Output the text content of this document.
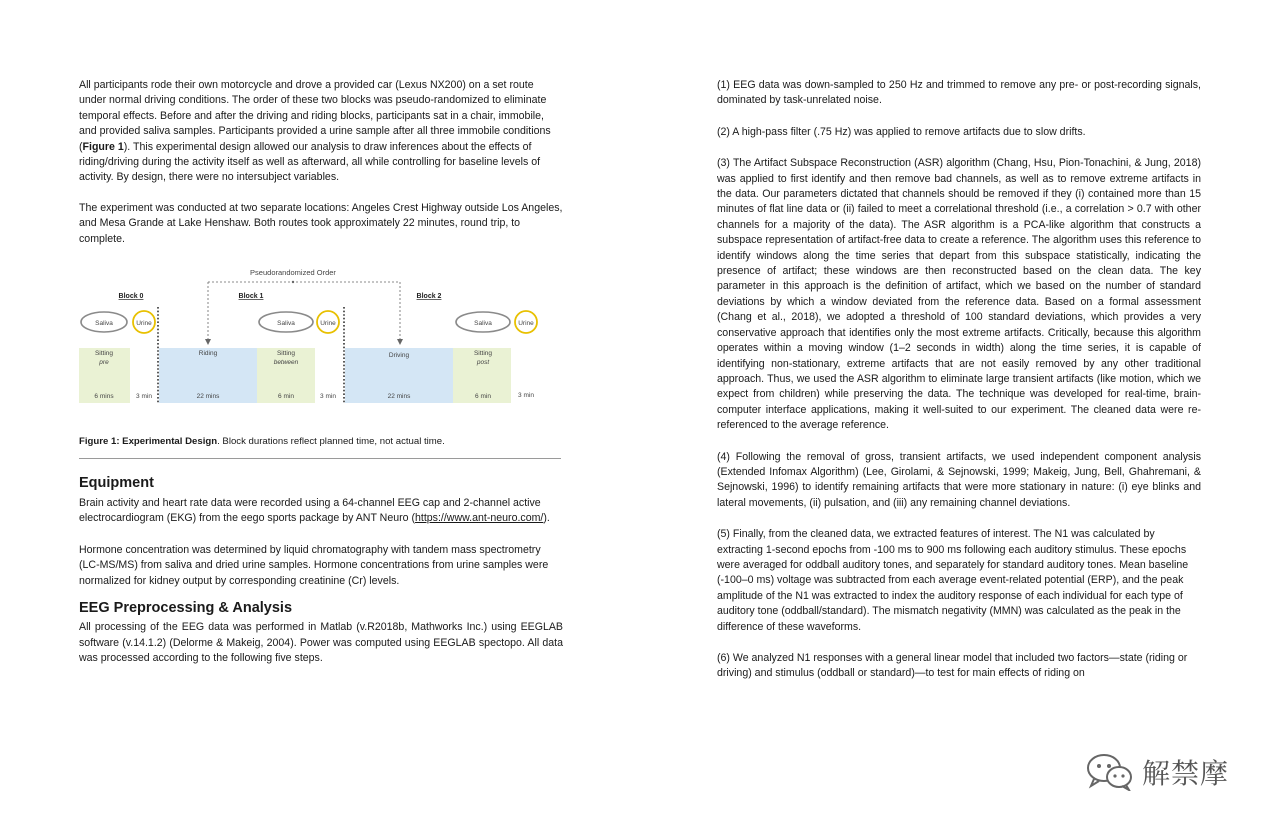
All participants rode their own motorcycle and drove a provided car (Lexus NX200) on a set route under normal driving conditions. The order of these two blocks was pseudo-randomized to eliminate temporal effects. Before and after the driving and riding blocks, participants sat in a chair, immobile, and provided saliva samples. Participants provided a urine sample after all three immobile conditions (Figure 1). This experimental design allowed our analysis to draw inferences about the effects of riding/driving during the activity itself as well as afterward, all while controlling for baseline levels of activity. By design, there were no intersubject variables.

The experiment was conducted at two separate locations: Angeles Crest Highway outside Los Angeles, and Mesa Grande at Lake Henshaw. Both routes took approximately 22 minutes, round trip, to complete.

Pseudorandomized Order
Block 0	Block 1	Block 2
Saliva	Urine	Saliva	Urine	Saliva	Urine
Sitting
pre
Riding	Sitting
between
Driving	Sitting
post
6 mins	3 min	22 mins	6 min	3 min	22 mins	6 min	3 min

Figure 1: Experimental Design. Block durations reflect planned time, not actual time.

Equipment

Brain activity and heart rate data were recorded using a 64-channel EEG cap and 2-channel active electrocardiogram (EKG) from the eego sports package by ANT Neuro (https://www.ant-neuro.com/).

Hormone concentration was determined by liquid chromatography with tandem mass spectrometry (LC-MS/MS) from saliva and dried urine samples. Hormone concentrations from urine samples were normalized for kidney output by corresponding creatinine (Cr) levels.

EEG Preprocessing & Analysis

All processing of the EEG data was performed in Matlab (v.R2018b, Mathworks Inc.) using EEGLAB software (v.14.1.2) (Delorme & Makeig, 2004). Power was computed using EEGLAB spectopo. All data was processed according to the following five steps.

(1) EEG data was down-sampled to 250 Hz and trimmed to remove any pre- or post-recording signals, dominated by task-unrelated noise.

(2) A high-pass filter (.75 Hz) was applied to remove artifacts due to slow drifts.

(3) The Artifact Subspace Reconstruction (ASR) algorithm (Chang, Hsu, Pion-Tonachini, & Jung, 2018) was applied to first identify and then remove bad channels, as well as to remove extreme artifacts in the data. Our parameters dictated that channels should be removed if they (i) contained more than 15 minutes of flat line data or (ii) failed to meet a correlational threshold (i.e., a correlation > 0.7 with other channels for a majority of the data). The ASR algorithm is a PCA-like algorithm that constructs a subspace representation of artifact-free data to create a reference. The algorithm uses this reference to identify windows along the time series that depart from this subspace statistically, indicating the presence of artifact; these windows are then reconstructed based on the clean data. The key parameter in this approach is the definition of artifact, which we based on the number of standard deviations by which a window deviated from the reference data. Based on a formal assessment (Chang et al., 2018), we adopted a threshold of 100 standard deviations, which provides a very conservative approach that identifies only the most extreme artifacts. Critically, because this algorithm operates within a moving window (1–2 seconds in width) along the time series, it is capable of identifying non-stationary, extreme artifacts that are not easily removed by any other traditional approach. Thus, we used the ASR algorithm to eliminate large transient artifacts (like motion, which we expect from children) while preserving the data. The technique was developed for real-time, brain-computer interface applications, making it well-suited to our experiment. The cleaned data were re-referenced to the average reference.

(4) Following the removal of gross, transient artifacts, we used independent component analysis (Extended Infomax Algorithm) (Lee, Girolami, & Sejnowski, 1999; Makeig, Jung, Bell, Ghahremani, & Sejnowski, 1996) to identify remaining artifacts that were more stationary in nature: (i) eye blinks and lateral movements, (ii) pulsation, and (iii) any remaining channel deviations.

(5) Finally, from the cleaned data, we extracted features of interest. The N1 was calculated by extracting 1-second epochs from -100 ms to 900 ms following each auditory stimulus. These epochs were averaged for oddball auditory tones, and separately for standard auditory tones. Mean baseline (-100–0 ms) voltage was subtracted from each average event-related potential (ERP), and the peak amplitude of the N1 was extracted to index the auditory response of each individual for each type of auditory tone (oddball/standard). The mismatch negativity (MMN) was calculated as the peak in the difference of these waveforms.

(6) We analyzed N1 responses with a general linear model that included two factors—state (riding or driving) and stimulus (oddball or standard)—to test for main effects of riding on

解禁摩
